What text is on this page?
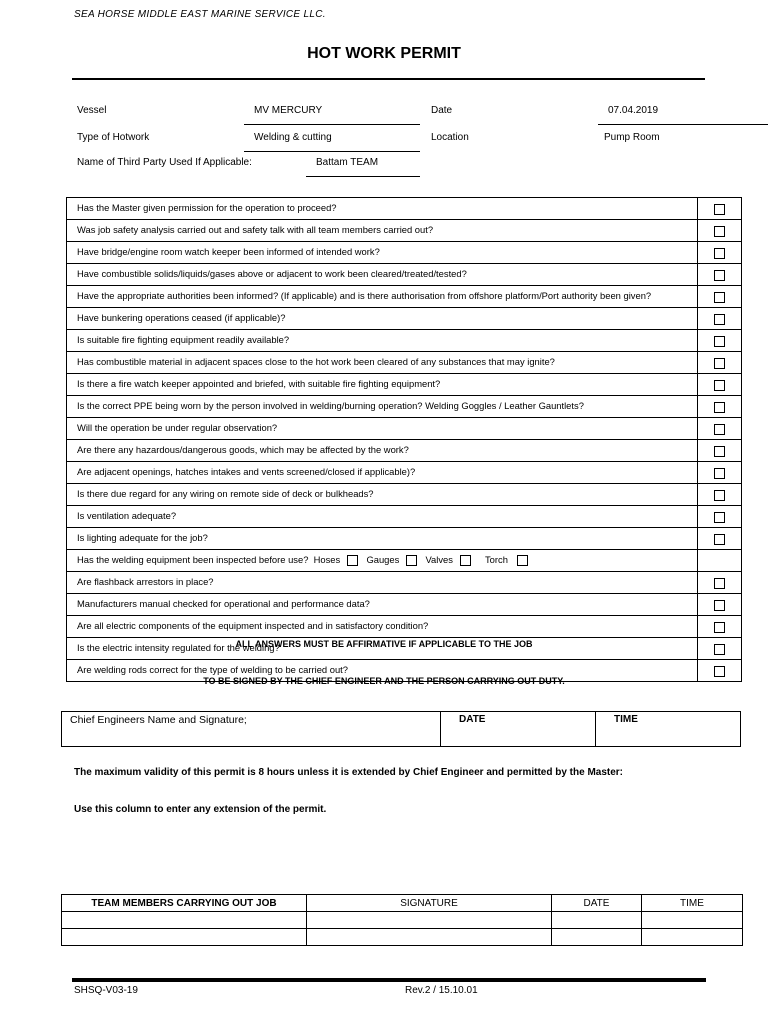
SEA HORSE MIDDLE EAST MARINE SERVICE LLC.
HOT WORK PERMIT
Vessel	MV MERCURY	Date	07.04.2019
Type of Hotwork	Welding & cutting	Location	Pump Room
Name of Third Party Used If Applicable:	Battam TEAM
Has the Master given permission for the operation to proceed?	
Was job safety analysis carried out and safety talk with all team members carried out?	
Have bridge/engine room watch keeper been informed of intended work?	
Have combustible solids/liquids/gases above or adjacent to work been cleared/treated/tested?	
Have the appropriate authorities been informed? (If applicable) and is there authorisation from offshore platform/Port authority been given?	
Have bunkering operations ceased (if applicable)?	
Is suitable fire fighting equipment readily available?	
Has combustible material in adjacent spaces close to the hot work been cleared of any substances that may ignite?	
Is there a fire watch keeper appointed and briefed, with suitable fire fighting equipment?	
Is the correct PPE being worn by the person involved in welding/burning operation? Welding Goggles / Leather Gauntlets?	
Will the operation be under regular observation?	
Are there any hazardous/dangerous goods, which may be affected by the work?	
Are adjacent openings, hatches intakes and vents screened/closed if applicable)?	
Is there due regard for any wiring on remote side of deck or bulkheads?	
Is ventilation adequate?	
Is lighting adequate for the job?	
Has the welding equipment been inspected before use? Hoses Gauges Valves Torch	
Are flashback arrestors in place?	
Manufacturers manual checked for operational and performance data?	
Are all electric components of the equipment inspected and in satisfactory condition?	
Is the electric intensity regulated for the welding?	
Are welding rods correct for the type of welding to be carried out?	
ALL ANSWERS MUST BE AFFIRMATIVE IF APPLICABLE TO THE JOB
TO BE SIGNED BY THE CHIEF ENGINEER AND THE PERSON CARRYING OUT DUTY.
Chief Engineers Name and Signature;	DATE	TIME
The maximum validity of this permit is 8 hours unless it is extended by Chief Engineer and permitted by the Master:
Use this column to enter any extension of the permit.
TEAM MEMBERS CARRYING OUT JOB	SIGNATURE	DATE	TIME

SHSQ-V03-19	Rev.2 / 15.10.01
